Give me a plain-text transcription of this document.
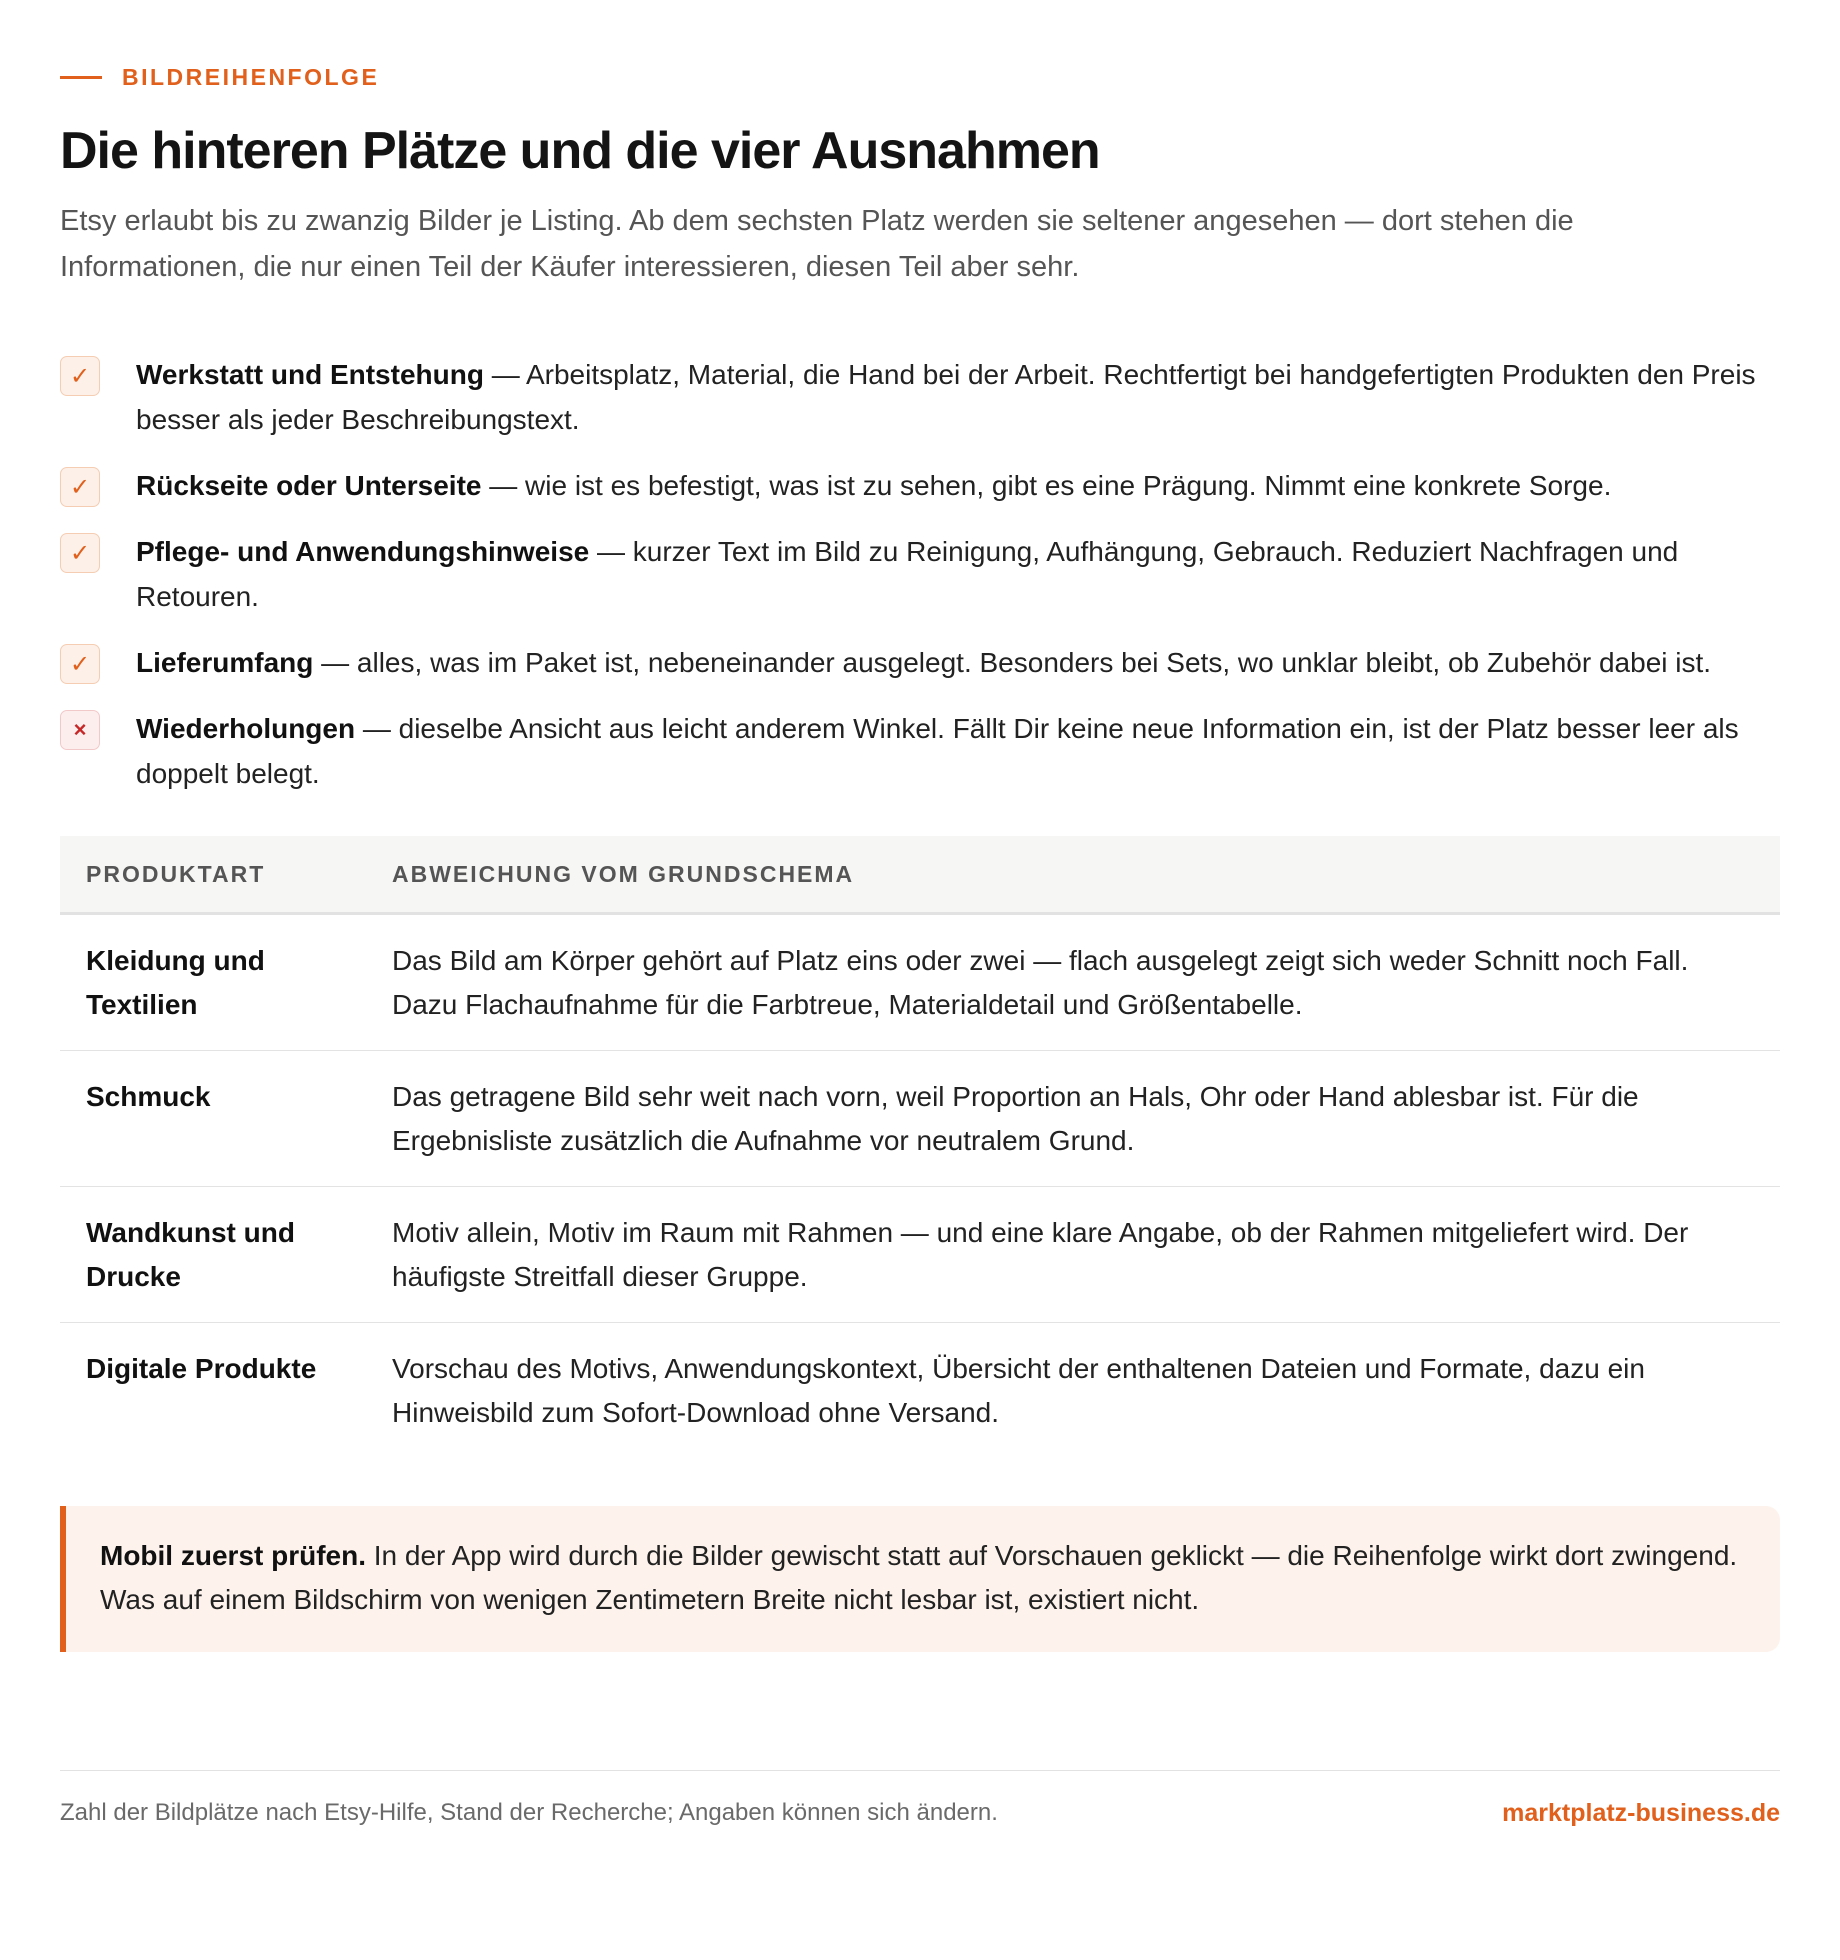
BILDREIHENFOLGE
Die hinteren Plätze und die vier Ausnahmen

Etsy erlaubt bis zu zwanzig Bilder je Listing. Ab dem sechsten Platz werden sie seltener angesehen — dort stehen die Informationen, die nur einen Teil der Käufer interessieren, diesen Teil aber sehr.

✓	Werkstatt und Entstehung — Arbeitsplatz, Material, die Hand bei der Arbeit. Rechtfertigt bei handgefertigten Produkten den Preis besser als jeder Beschreibungstext.
✓	Rückseite oder Unterseite — wie ist es befestigt, was ist zu sehen, gibt es eine Prägung. Nimmt eine konkrete Sorge.
✓	Pflege- und Anwendungshinweise — kurzer Text im Bild zu Reinigung, Aufhängung, Gebrauch. Reduziert Nachfragen und Retouren.
✓	Lieferumfang — alles, was im Paket ist, nebeneinander ausgelegt. Besonders bei Sets, wo unklar bleibt, ob Zubehör dabei ist.
×	Wiederholungen — dieselbe Ansicht aus leicht anderem Winkel. Fällt Dir keine neue Information ein, ist der Platz besser leer als doppelt belegt.
PRODUKTART	ABWEICHUNG VOM GRUNDSCHEMA
Kleidung und Textilien	Das Bild am Körper gehört auf Platz eins oder zwei — flach ausgelegt zeigt sich weder Schnitt noch Fall. Dazu Flachaufnahme für die Farbtreue, Materialdetail und Größentabelle.
Schmuck	Das getragene Bild sehr weit nach vorn, weil Proportion an Hals, Ohr oder Hand ablesbar ist. Für die Ergebnisliste zusätzlich die Aufnahme vor neutralem Grund.
Wandkunst und Drucke	Motiv allein, Motiv im Raum mit Rahmen — und eine klare Angabe, ob der Rahmen mitgeliefert wird. Der häufigste Streitfall dieser Gruppe.
Digitale Produkte	Vorschau des Motivs, Anwendungskontext, Übersicht der enthaltenen Dateien und Formate, dazu ein Hinweisbild zum Sofort-Download ohne Versand.
Mobil zuerst prüfen. In der App wird durch die Bilder gewischt statt auf Vorschauen geklickt — die Reihenfolge wirkt dort zwingend. Was auf einem Bildschirm von wenigen Zentimetern Breite nicht lesbar ist, existiert nicht.
Zahl der Bildplätze nach Etsy-Hilfe, Stand der Recherche; Angaben können sich ändern.	marktplatz-business.de
